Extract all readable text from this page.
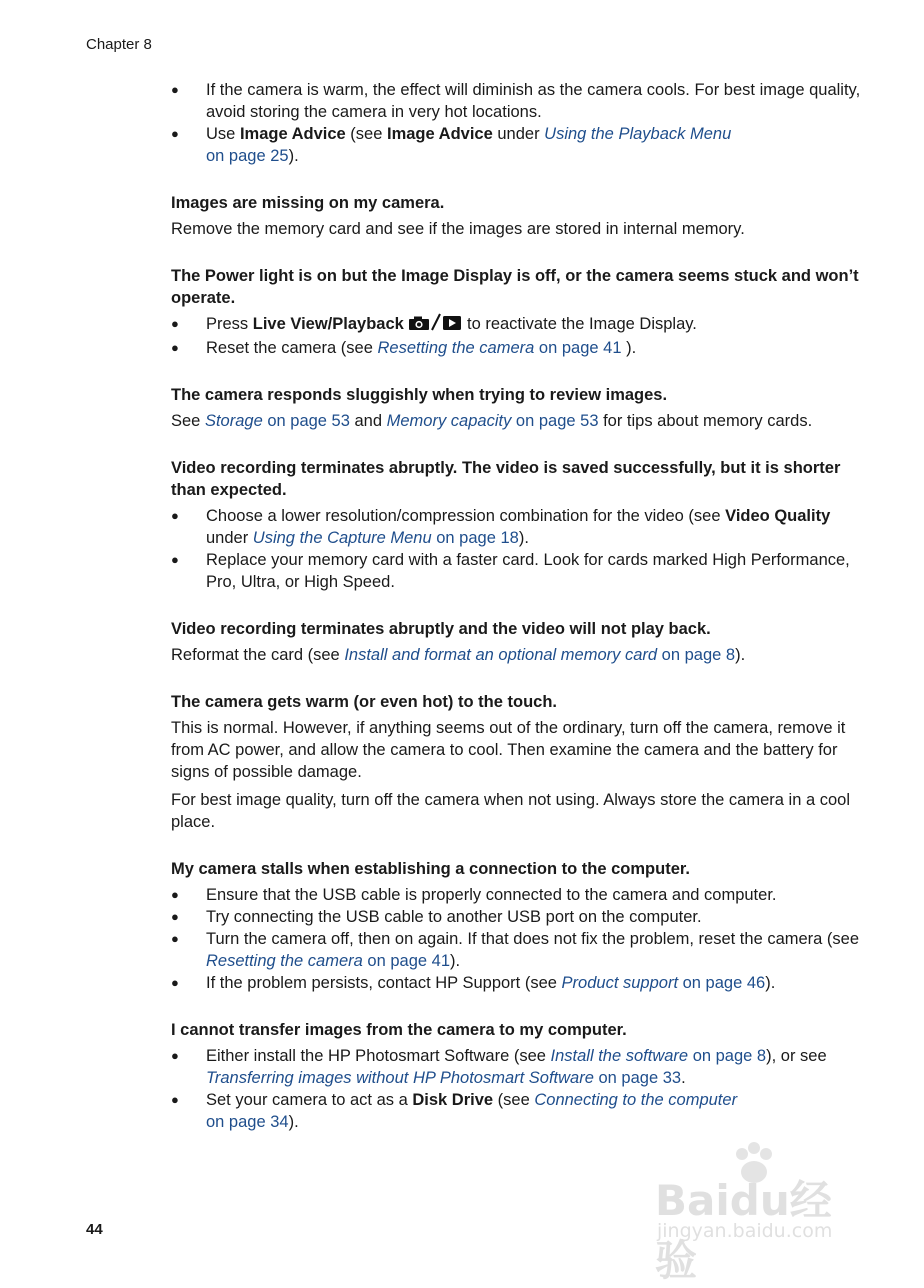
Chapter 8
● If the camera is warm, the effect will diminish as the camera cools. For best image quality, avoid storing the camera in very hot locations.
● Use Image Advice (see Image Advice under Using the Playback Menu
on page 25).
Images are missing on my camera.

Remove the memory card and see if the images are stored in internal memory.

The Power light is on but the Image Display is off, or the camera seems stuck and won’t operate.
● Press Live View/Playback	to reactivate the Image Display.
● Reset the camera (see Resetting the camera on page 41 ).
The camera responds sluggishly when trying to review images.

See Storage on page 53 and Memory capacity on page 53 for tips about memory cards.

Video recording terminates abruptly. The video is saved successfully, but it is shorter than expected.
● Choose a lower resolution/compression combination for the video (see Video Quality under Using the Capture Menu on page 18).
● Replace your memory card with a faster card. Look for cards marked High Performance, Pro, Ultra, or High Speed.
Video recording terminates abruptly and the video will not play back.

Reformat the card (see Install and format an optional memory card on page 8).

The camera gets warm (or even hot) to the touch.

This is normal. However, if anything seems out of the ordinary, turn off the camera, remove it from AC power, and allow the camera to cool. Then examine the camera and the battery for signs of possible damage.

For best image quality, turn off the camera when not using. Always store the camera in a cool place.

My camera stalls when establishing a connection to the computer.
● Ensure that the USB cable is properly connected to the camera and computer.
● Try connecting the USB cable to another USB port on the computer.
● Turn the camera off, then on again. If that does not fix the problem, reset the camera (see Resetting the camera on page 41).
● If the problem persists, contact HP Support (see Product support on page 46).
I cannot transfer images from the camera to my computer.
● Either install the HP Photosmart Software (see Install the software on page 8), or see Transferring images without HP Photosmart Software on page 33.
● Set your camera to act as a Disk Drive (see Connecting to the computer
on page 34).
44
Baidu经验
jingyan.baidu.com
